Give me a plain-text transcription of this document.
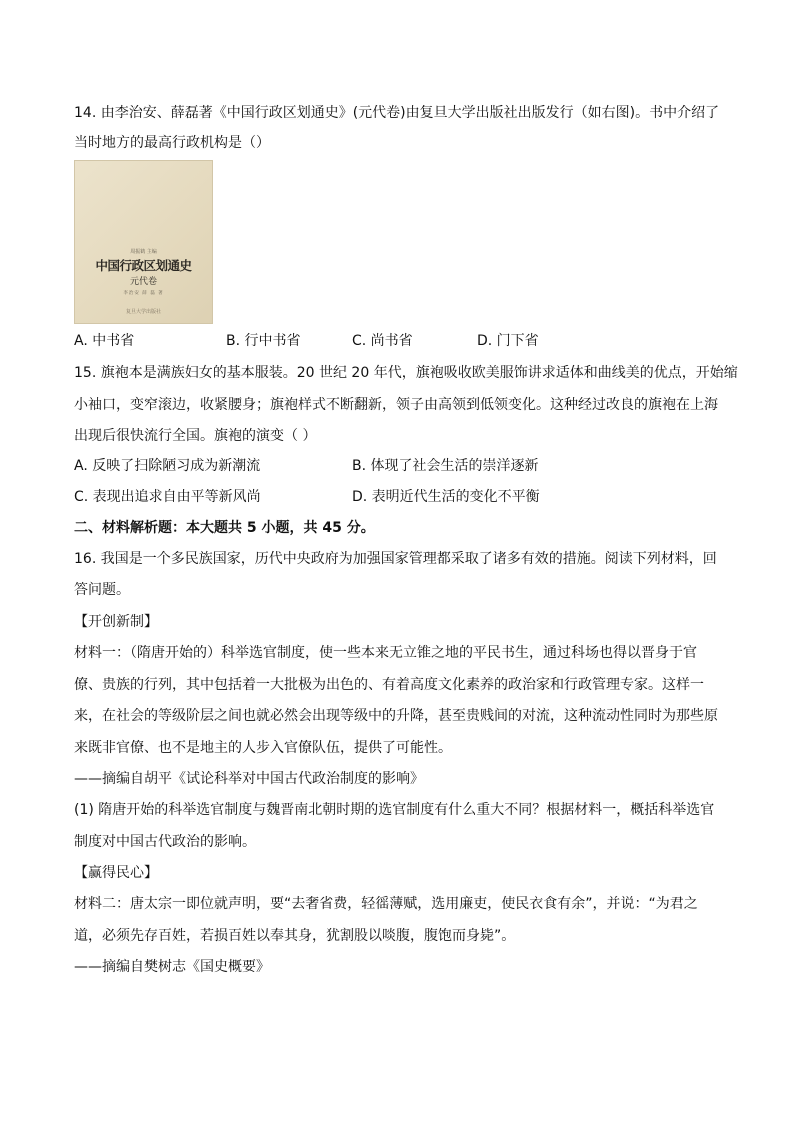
14. 由李治安、薛磊著《中国行政区划通史》(元代卷)由复旦大学出版社出版发行（如右图)。书中介绍了
当时地方的最高行政机构是（）
周振鹤 主编
中国行政区划通史
元代卷
李治安 薛 磊 著
复旦大学出版社
A. 中书省	B. 行中书省	C. 尚书省	D. 门下省
15. 旗袍本是满族妇女的基本服装。20 世纪 20 年代，旗袍吸收欧美服饰讲求适体和曲线美的优点，开始缩
小袖口，变窄滚边，收紧腰身；旗袍样式不断翻新，领子由高领到低领变化。这种经过改良的旗袍在上海
出现后很快流行全国。旗袍的演变（ ）
A. 反映了扫除陋习成为新潮流	B. 体现了社会生活的崇洋逐新
C. 表现出追求自由平等新风尚	D. 表明近代生活的变化不平衡
二、材料解析题：本大题共 5 小题，共 45 分。
16. 我国是一个多民族国家，历代中央政府为加强国家管理都采取了诸多有效的措施。阅读下列材料，回
答问题。
【开创新制】
材料一：（隋唐开始的）科举选官制度，使一些本来无立锥之地的平民书生，通过科场也得以晋身于官
僚、贵族的行列，其中包括着一大批极为出色的、有着高度文化素养的政治家和行政管理专家。这样一
来，在社会的等级阶层之间也就必然会出现等级中的升降，甚至贵贱间的对流，这种流动性同时为那些原
来既非官僚、也不是地主的人步入官僚队伍，提供了可能性。
——摘编自胡平《试论科举对中国古代政治制度的影响》
(1) 隋唐开始的科举选官制度与魏晋南北朝时期的选官制度有什么重大不同？根据材料一，概括科举选官
制度对中国古代政治的影响。
【赢得民心】
材料二：唐太宗一即位就声明，要“去奢省费，轻徭薄赋，选用廉吏，使民衣食有余”，并说：“为君之
道，必须先存百姓，若损百姓以奉其身，犹割股以啖腹，腹饱而身毙”。
——摘编自樊树志《国史概要》
